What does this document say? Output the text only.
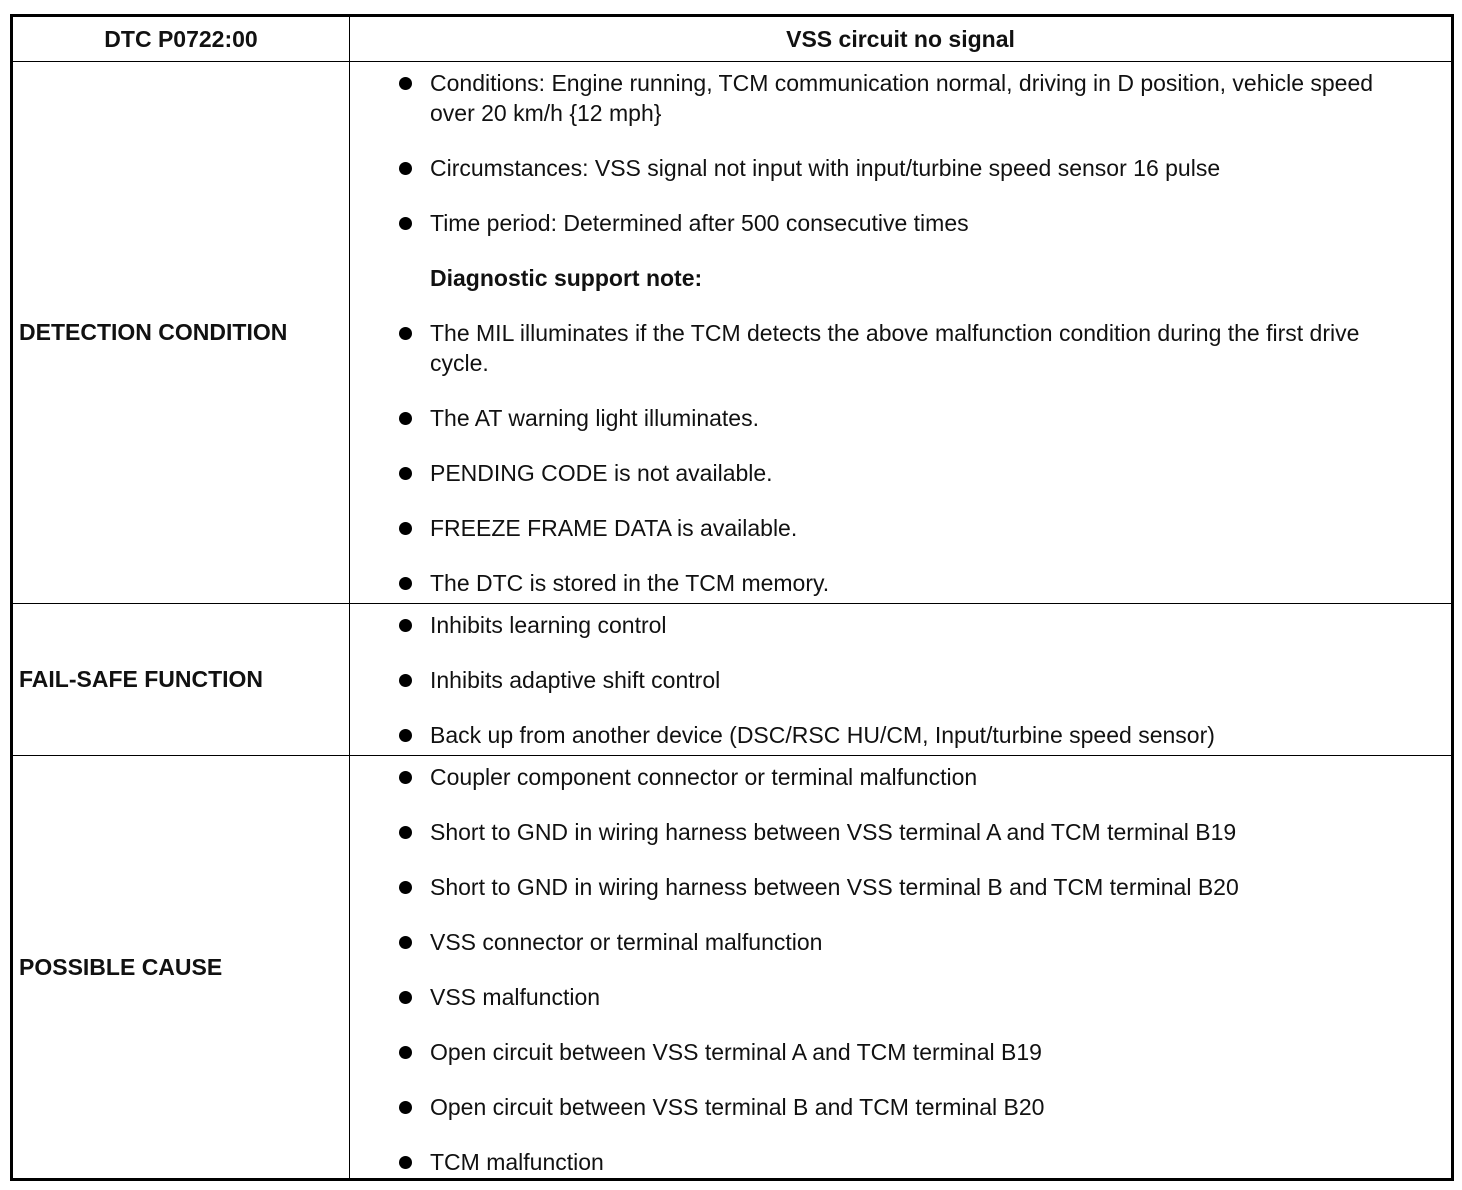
DTC P0722:00	VSS circuit no signal
DETECTION CONDITION
Conditions: Engine running, TCM communication normal, driving in D position, vehicle speed over 20 km/h {12 mph}
Circumstances: VSS signal not input with input/turbine speed sensor 16 pulse
Time period: Determined after 500 consecutive times
Diagnostic support note:
The MIL illuminates if the TCM detects the above malfunction condition during the first drive cycle.
The AT warning light illuminates.
PENDING CODE is not available.
FREEZE FRAME DATA is available.
The DTC is stored in the TCM memory.
FAIL-SAFE FUNCTION
Inhibits learning control
Inhibits adaptive shift control
Back up from another device (DSC/RSC HU/CM, Input/turbine speed sensor)
POSSIBLE CAUSE
Coupler component connector or terminal malfunction
Short to GND in wiring harness between VSS terminal A and TCM terminal B19
Short to GND in wiring harness between VSS terminal B and TCM terminal B20
VSS connector or terminal malfunction
VSS malfunction
Open circuit between VSS terminal A and TCM terminal B19
Open circuit between VSS terminal B and TCM terminal B20
TCM malfunction
